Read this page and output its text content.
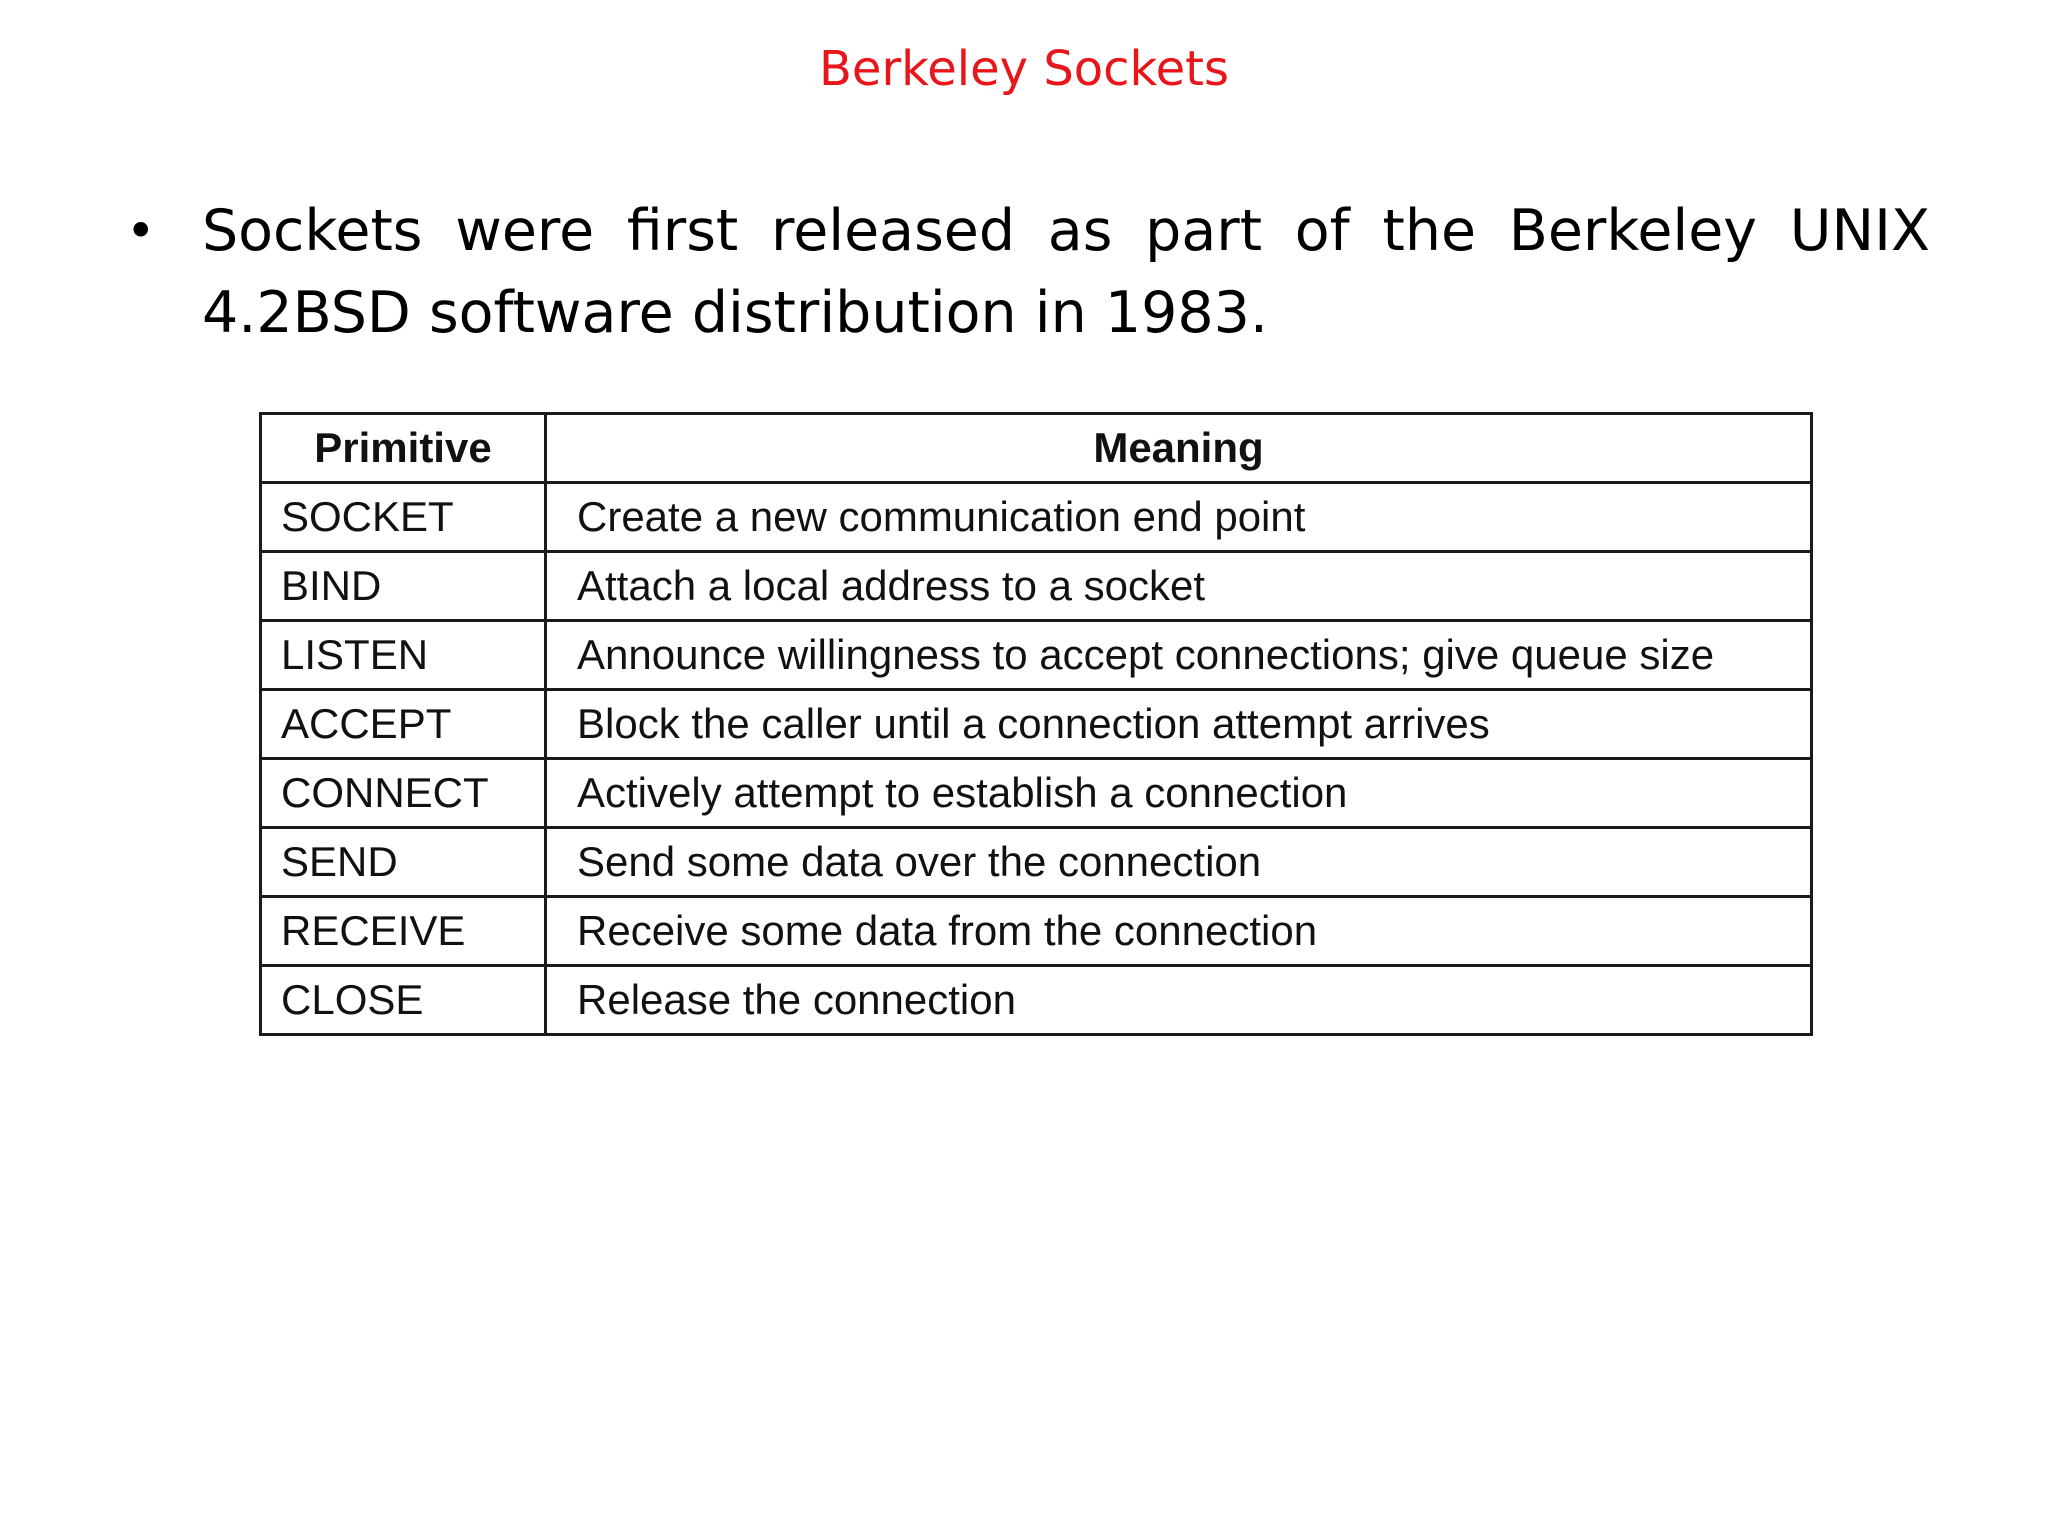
Berkeley Sockets
• Sockets were first released as part of the Berkeley UNIX 4.2BSD software distribution in 1983.
Primitive	Meaning
SOCKET	Create a new communication end point
BIND	Attach a local address to a socket
LISTEN	Announce willingness to accept connections; give queue size
ACCEPT	Block the caller until a connection attempt arrives
CONNECT	Actively attempt to establish a connection
SEND	Send some data over the connection
RECEIVE	Receive some data from the connection
CLOSE	Release the connection
